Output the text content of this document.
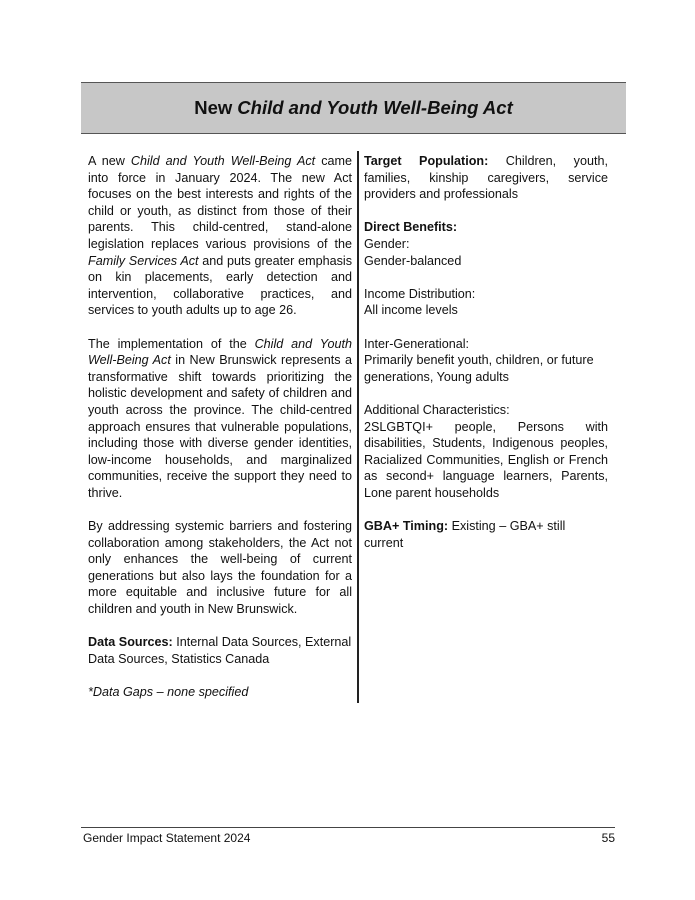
New Child and Youth Well-Being Act

A new Child and Youth Well-Being Act came into force in January 2024. The new Act focuses on the best interests and rights of the child or youth, as distinct from those of their parents. This child-centred, stand-alone legislation replaces various provisions of the Family Services Act and puts greater emphasis on kin placements, early detection and intervention, collaborative practices, and services to youth adults up to age 26.

The implementation of the Child and Youth Well-Being Act in New Brunswick represents a transformative shift towards prioritizing the holistic development and safety of children and youth across the province. The child-centred approach ensures that vulnerable populations, including those with diverse gender identities, low-income households, and marginalized communities, receive the support they need to thrive.

By addressing systemic barriers and fostering collaboration among stakeholders, the Act not only enhances the well-being of current generations but also lays the foundation for a more equitable and inclusive future for all children and youth in New Brunswick.

Data Sources: Internal Data Sources, External Data Sources, Statistics Canada

*Data Gaps – none specified

Target Population: Children, youth, families, kinship caregivers, service providers and professionals

Direct Benefits:

Gender:

Gender-balanced

Income Distribution:

All income levels

Inter-Generational:

Primarily benefit youth, children, or future generations, Young adults

Additional Characteristics:

2SLGBTQI+ people, Persons with disabilities, Students, Indigenous peoples, Racialized Communities, English or French as second+ language learners, Parents, Lone parent households

GBA+ Timing: Existing – GBA+ still current

Gender Impact Statement 2024	55
